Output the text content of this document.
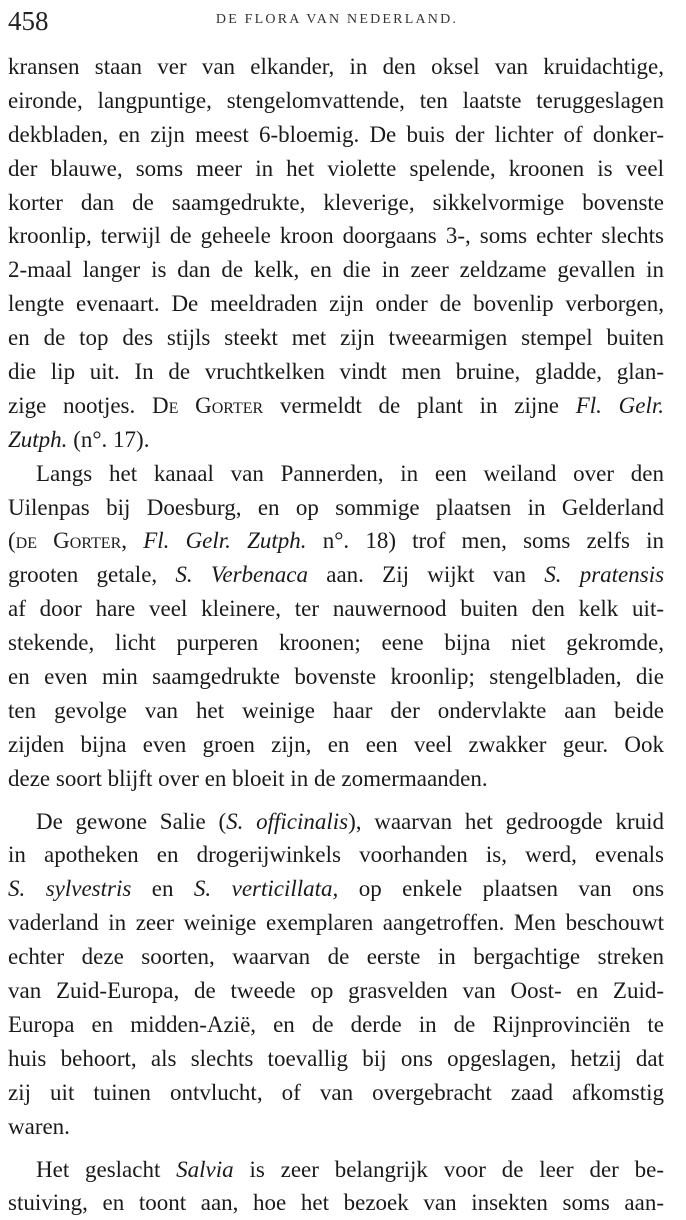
458	DE FLORA VAN NEDERLAND.
kransen staan ver van elkander, in den oksel van kruidachtige,
eironde, langpuntige, stengelomvattende, ten laatste teruggeslagen
dekbladen, en zijn meest 6-bloemig. De buis der lichter of donker-
der blauwe, soms meer in het violette spelende, kroonen is veel
korter dan de saamgedrukte, kleverige, sikkelvormige bovenste
kroonlip, terwijl de geheele kroon doorgaans 3-, soms echter slechts
2-maal langer is dan de kelk, en die in zeer zeldzame gevallen in
lengte evenaart. De meeldraden zijn onder de bovenlip verborgen,
en de top des stijls steekt met zijn tweearmigen stempel buiten
die lip uit. In de vruchtkelken vindt men bruine, gladde, glan-
zige nootjes. De Gorter vermeldt de plant in zijne Fl. Gelr.
Zutph. (n°. 17).
Langs het kanaal van Pannerden, in een weiland over den
Uilenpas bij Doesburg, en op sommige plaatsen in Gelderland
(de Gorter, Fl. Gelr. Zutph. n°. 18) trof men, soms zelfs in
grooten getale, S. Verbenaca aan. Zij wijkt van S. pratensis
af door hare veel kleinere, ter nauwernood buiten den kelk uit-
stekende, licht purperen kroonen; eene bijna niet gekromde,
en even min saamgedrukte bovenste kroonlip; stengelbladen, die
ten gevolge van het weinige haar der ondervlakte aan beide
zijden bijna even groen zijn, en een veel zwakker geur. Ook
deze soort blijft over en bloeit in de zomermaanden.
De gewone Salie (S. officinalis), waarvan het gedroogde kruid
in apotheken en drogerijwinkels voorhanden is, werd, evenals
S. sylvestris en S. verticillata, op enkele plaatsen van ons
vaderland in zeer weinige exemplaren aangetroffen. Men beschouwt
echter deze soorten, waarvan de eerste in bergachtige streken
van Zuid-Europa, de tweede op grasvelden van Oost- en Zuid-
Europa en midden-Azië, en de derde in de Rijnprovinciën te
huis behoort, als slechts toevallig bij ons opgeslagen, hetzij dat
zij uit tuinen ontvlucht, of van overgebracht zaad afkomstig
waren.
Het geslacht Salvia is zeer belangrijk voor de leer der be-
stuiving, en toont aan, hoe het bezoek van insekten soms aan-
